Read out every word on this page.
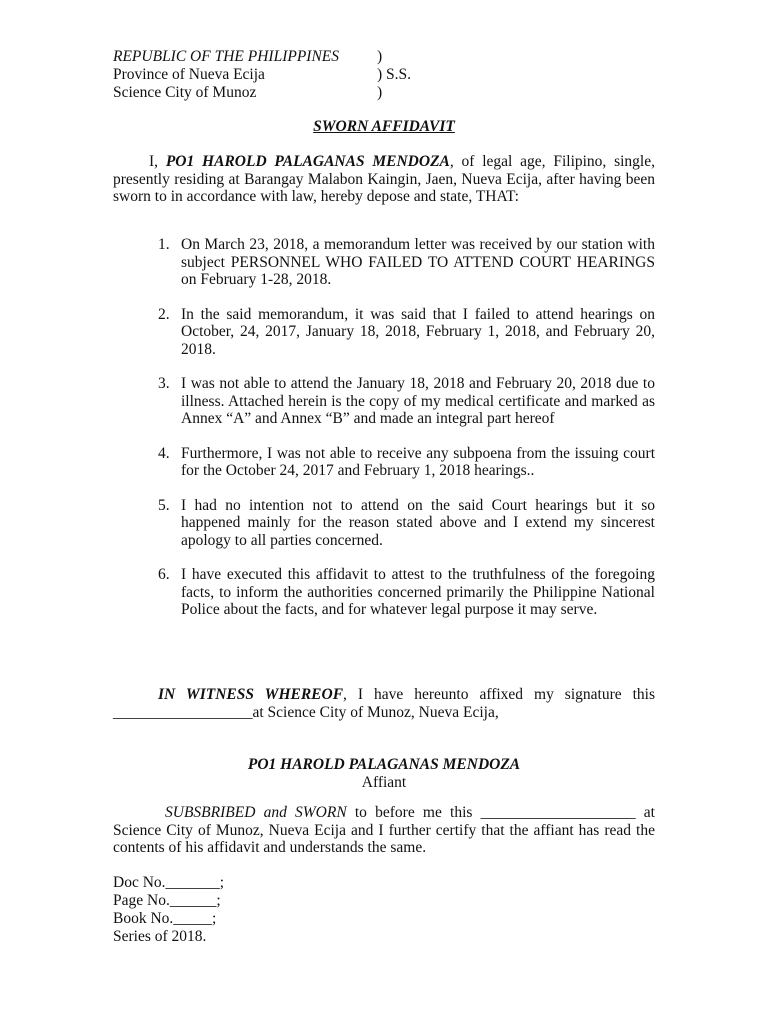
REPUBLIC OF THE PHILIPPINES )
Province of Nueva Ecija	) S.S.
Science City of Munoz	)
SWORN AFFIDAVIT
I, PO1 HAROLD PALAGANAS MENDOZA, of legal age, Filipino, single, presently residing at Barangay Malabon Kaingin, Jaen, Nueva Ecija, after having been sworn to in accordance with law, hereby depose and state, THAT:
1. On March 23, 2018, a memorandum letter was received by our station with subject PERSONNEL WHO FAILED TO ATTEND COURT HEARINGS on February 1-28, 2018.
2. In the said memorandum, it was said that I failed to attend hearings on October, 24, 2017, January 18, 2018, February 1, 2018, and February 20, 2018.
3. I was not able to attend the January 18, 2018 and February 20, 2018 due to illness. Attached herein is the copy of my medical certificate and marked as Annex “A” and Annex “B” and made an integral part hereof
4. Furthermore, I was not able to receive any subpoena from the issuing court for the October 24, 2017 and February 1, 2018 hearings..
5. I had no intention not to attend on the said Court hearings but it so happened mainly for the reason stated above and I extend my sincerest apology to all parties concerned.
6. I have executed this affidavit to attest to the truthfulness of the foregoing facts, to inform the authorities concerned primarily the Philippine National Police about the facts, and for whatever legal purpose it may serve.
IN WITNESS WHEREOF, I have hereunto affixed my signature this __________________at Science City of Munoz, Nueva Ecija,
PO1 HAROLD PALAGANAS MENDOZA
Affiant
SUBSBRIBED and SWORN to before me this ____________________ at Science City of Munoz, Nueva Ecija and I further certify that the affiant has read the contents of his affidavit and understands the same.
Doc No._______;
Page No.______;
Book No._____;
Series of 2018.
